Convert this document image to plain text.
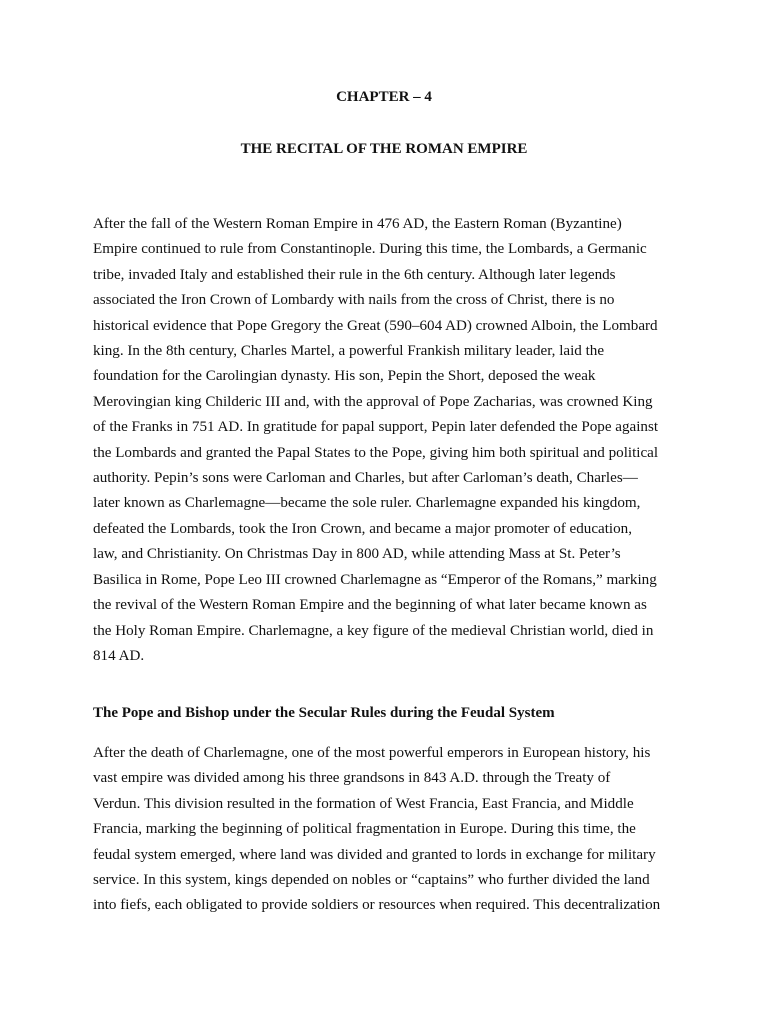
CHAPTER – 4
THE RECITAL OF THE ROMAN EMPIRE
After the fall of the Western Roman Empire in 476 AD, the Eastern Roman (Byzantine)
Empire continued to rule from Constantinople. During this time, the Lombards, a Germanic
tribe, invaded Italy and established their rule in the 6th century. Although later legends
associated the Iron Crown of Lombardy with nails from the cross of Christ, there is no
historical evidence that Pope Gregory the Great (590–604 AD) crowned Alboin, the Lombard
king. In the 8th century, Charles Martel, a powerful Frankish military leader, laid the
foundation for the Carolingian dynasty. His son, Pepin the Short, deposed the weak
Merovingian king Childeric III and, with the approval of Pope Zacharias, was crowned King
of the Franks in 751 AD. In gratitude for papal support, Pepin later defended the Pope against
the Lombards and granted the Papal States to the Pope, giving him both spiritual and political
authority. Pepin’s sons were Carloman and Charles, but after Carloman’s death, Charles—
later known as Charlemagne—became the sole ruler. Charlemagne expanded his kingdom,
defeated the Lombards, took the Iron Crown, and became a major promoter of education,
law, and Christianity. On Christmas Day in 800 AD, while attending Mass at St. Peter’s
Basilica in Rome, Pope Leo III crowned Charlemagne as “Emperor of the Romans,” marking
the revival of the Western Roman Empire and the beginning of what later became known as
the Holy Roman Empire. Charlemagne, a key figure of the medieval Christian world, died in
814 AD.
The Pope and Bishop under the Secular Rules during the Feudal System
After the death of Charlemagne, one of the most powerful emperors in European history, his
vast empire was divided among his three grandsons in 843 A.D. through the Treaty of
Verdun. This division resulted in the formation of West Francia, East Francia, and Middle
Francia, marking the beginning of political fragmentation in Europe. During this time, the
feudal system emerged, where land was divided and granted to lords in exchange for military
service. In this system, kings depended on nobles or “captains” who further divided the land
into fiefs, each obligated to provide soldiers or resources when required. This decentralization
